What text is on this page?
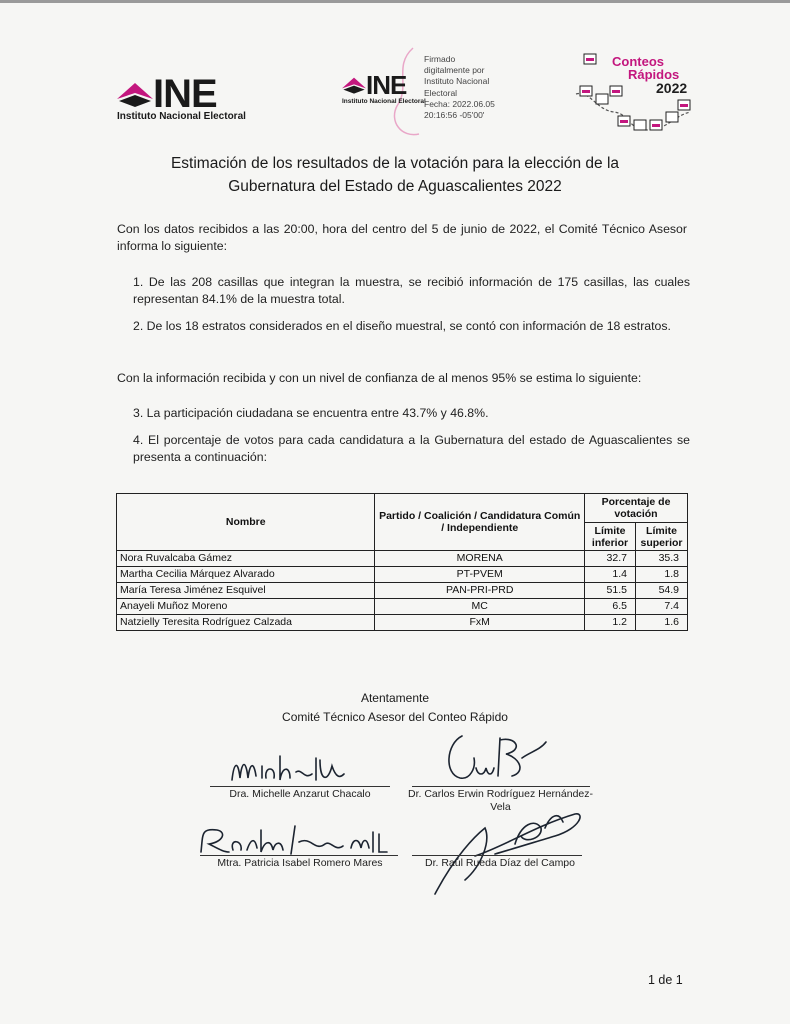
INE
Instituto Nacional Electoral
INE
Instituto Nacional Electoral
Firmado
digitalmente por
Instituto Nacional
Electoral
Fecha: 2022.06.05
20:16:56 -05'00'
Conteos
Rápidos
2022
Estimación de los resultados de la votación para la elección de la
Gubernatura del Estado de Aguascalientes 2022
Con los datos recibidos a las 20:00, hora del centro del 5 de junio de 2022, el Comité Técnico Asesor informa lo siguiente:
1. De las 208 casillas que integran la muestra, se recibió información de 175 casillas, las cuales representan 84.1% de la muestra total.
2. De los 18 estratos considerados en el diseño muestral, se contó con información de 18 estratos.
Con la información recibida y con un nivel de confianza de al menos 95% se estima lo siguiente:
3. La participación ciudadana se encuentra entre 43.7% y 46.8%.
4. El porcentaje de votos para cada candidatura a la Gubernatura del estado de Aguascalientes se presenta a continuación:
Nombre	Partido / Coalición / Candidatura Común / Independiente	Porcentaje de votación	
		Límite inferior	Límite superior
Nora Ruvalcaba Gámez	MORENA	32.7	35.3
Martha Cecilia Márquez Alvarado	PT-PVEM	1.4	1.8
María Teresa Jiménez Esquivel	PAN-PRI-PRD	51.5	54.9
Anayeli Muñoz Moreno	MC	6.5	7.4
Natzielly Teresita Rodríguez Calzada	FxM	1.2	1.6
Atentamente
Comité Técnico Asesor del Conteo Rápido
Dra. Michelle Anzarut Chacalo	Dr. Carlos Erwin Rodríguez Hernández-Vela
Mtra. Patricia Isabel Romero Mares	Dr. Raúl Rueda Díaz del Campo
1 de 1
